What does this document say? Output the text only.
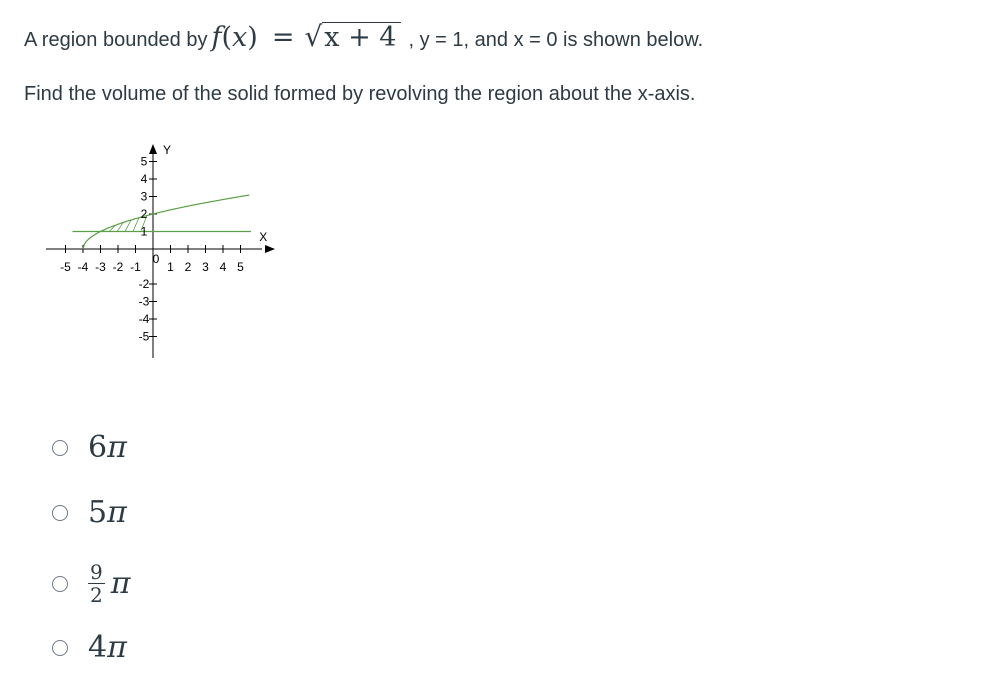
A region bounded by f ( x ) = √ x + 4 , y = 1, and x = 0 is shown below.
Find the volume of the solid formed by revolving the region about the x-axis.
Y
X
0
-5 -4 -3 -2 -1 1 2 3 4 5
5
4
3
2
1
-2
-3
-4
-5
6 π
5 π
$\frac{9}{2}$ π
4 π
